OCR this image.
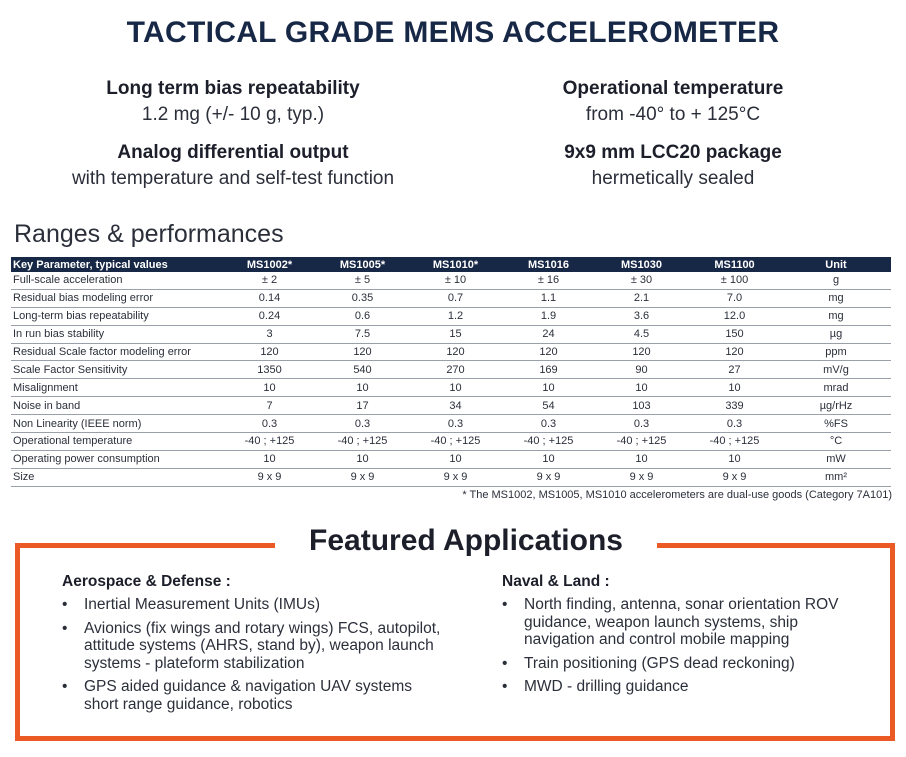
TACTICAL GRADE MEMS ACCELEROMETER
Long term bias repeatability
1.2 mg (+/- 10 g, typ.)
Operational temperature
from -40° to + 125°C
Analog differential output
with temperature and self-test function
9x9 mm LCC20 package
hermetically sealed
Ranges & performances
Key Parameter, typical values	MS1002*	MS1005*	MS1010*	MS1016	MS1030	MS1100	Unit
Full-scale acceleration	± 2	± 5	± 10	± 16	± 30	± 100	g
Residual bias modeling error	0.14	0.35	0.7	1.1	2.1	7.0	mg
Long-term bias repeatability	0.24	0.6	1.2	1.9	3.6	12.0	mg
In run bias stability	3	7.5	15	24	4.5	150	µg
Residual Scale factor modeling error	120	120	120	120	120	120	ppm
Scale Factor Sensitivity	1350	540	270	169	90	27	mV/g
Misalignment	10	10	10	10	10	10	mrad
Noise in band	7	17	34	54	103	339	µg/rHz
Non Linearity (IEEE norm)	0.3	0.3	0.3	0.3	0.3	0.3	%FS
Operational temperature	-40 ; +125	-40 ; +125	-40 ; +125	-40 ; +125	-40 ; +125	-40 ; +125	°C
Operating power consumption	10	10	10	10	10	10	mW
Size	9 x 9	9 x 9	9 x 9	9 x 9	9 x 9	9 x 9	mm²
* The MS1002, MS1005, MS1010 accelerometers are dual-use goods (Category 7A101)
Featured Applications
Aerospace & Defense :
• Inertial Measurement Units (IMUs)
• Avionics (fix wings and rotary wings) FCS, autopilot, attitude systems (AHRS, stand by), weapon launch systems - plateform stabilization
• GPS aided guidance & navigation UAV systems short range guidance, robotics
Naval & Land :
• North finding, antenna, sonar orientation ROV guidance, weapon launch systems, ship navigation and control mobile mapping
• Train positioning (GPS dead reckoning)
• MWD - drilling guidance
